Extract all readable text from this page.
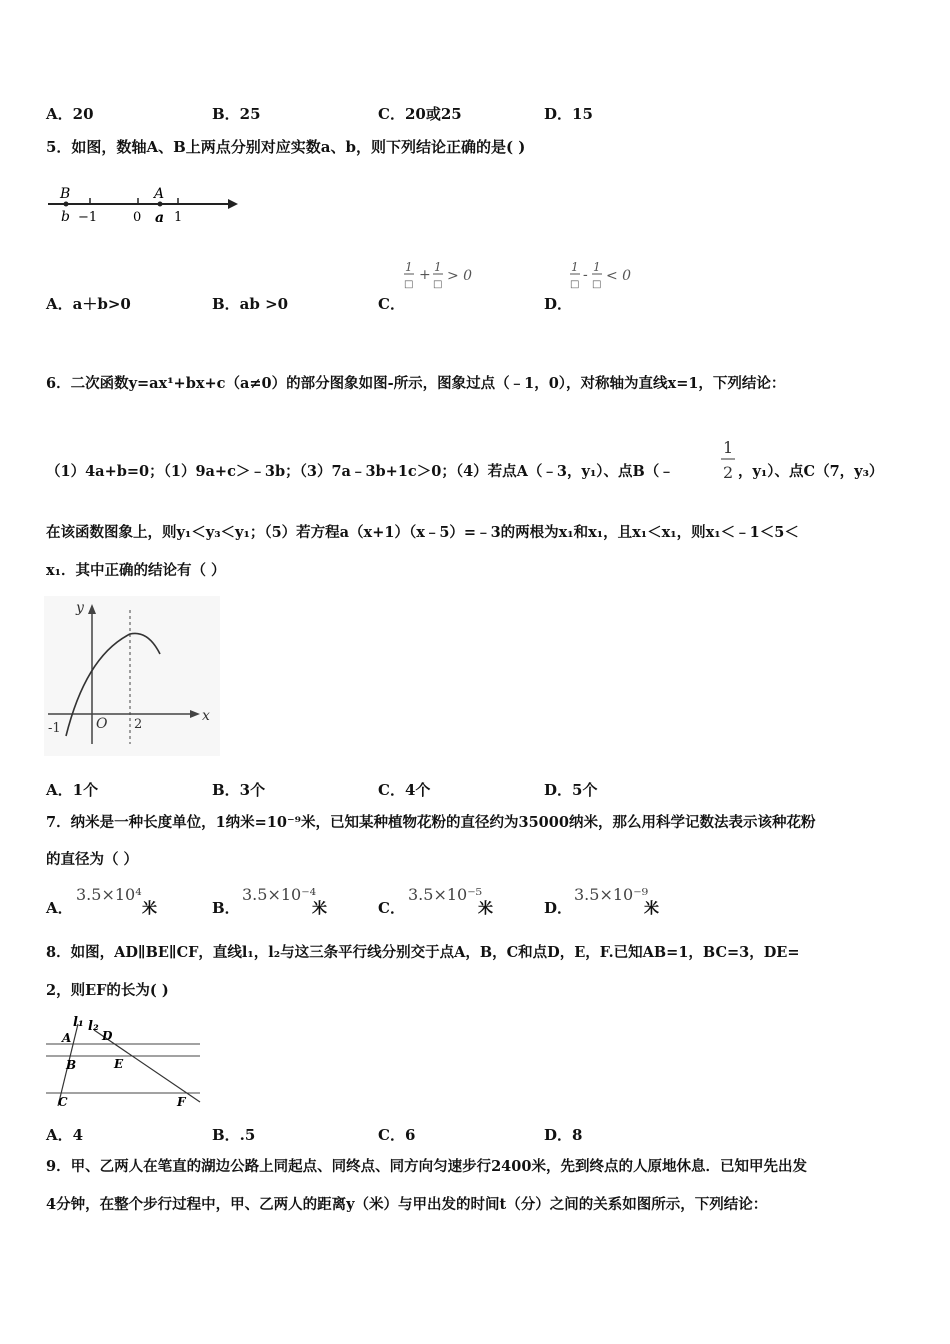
A．20	B．25	C．20或25	D．15
5．如图，数轴A、B上两点分别对应实数a、b，则下列结论正确的是( )
B	A
b −1	0 a 1
1
□
+ 1
□
> 0
1
□
- 1
□
< 0
A．a＋b>0	B．ab >0	C．	D．
6．二次函数y=ax¹+bx+c（a≠0）的部分图象如图-所示，图象过点（﹣1，0），对称轴为直线x=1，下列结论：
（1）4a+b=0；（1）9a+c＞﹣3b；（3）7a﹣3b+1c＞0；（4）若点A（﹣3，y₁）、点B（﹣
1
2 ，y₁）、点C（7，y₃）
在该函数图象上，则y₁＜y₃＜y₁；（5）若方程a（x+1）（x﹣5）=﹣3的两根为x₁和x₁，且x₁＜x₁，则x₁＜﹣1＜5＜
x₁．其中正确的结论有（ ）
y
x
-1	O 2
A．1个	B．3个	C．4个	D．5个
7．纳米是一种长度单位，1纳米=10⁻⁹米，已知某种植物花粉的直径约为35000纳米，那么用科学记数法表示该种花粉
的直径为（ ）
A．
3.5×10⁴
米	B．
3.5×10⁻⁴
米	C．
3.5×10⁻⁵
米	D．
3.5×10⁻⁹
米
8．如图，AD∥BE∥CF，直线l₁，l₂与这三条平行线分别交于点A，B，C和点D，E，F.已知AB=1，BC=3，DE=
2，则EF的长为( )
l₁ l₂
A	D
B	E
C	F
A．4	B．.5	C．6	D．8
9．甲、乙两人在笔直的湖边公路上同起点、同终点、同方向匀速步行2400米，先到终点的人原地休息．已知甲先出发
4分钟，在整个步行过程中，甲、乙两人的距离y（米）与甲出发的时间t（分）之间的关系如图所示，下列结论：
